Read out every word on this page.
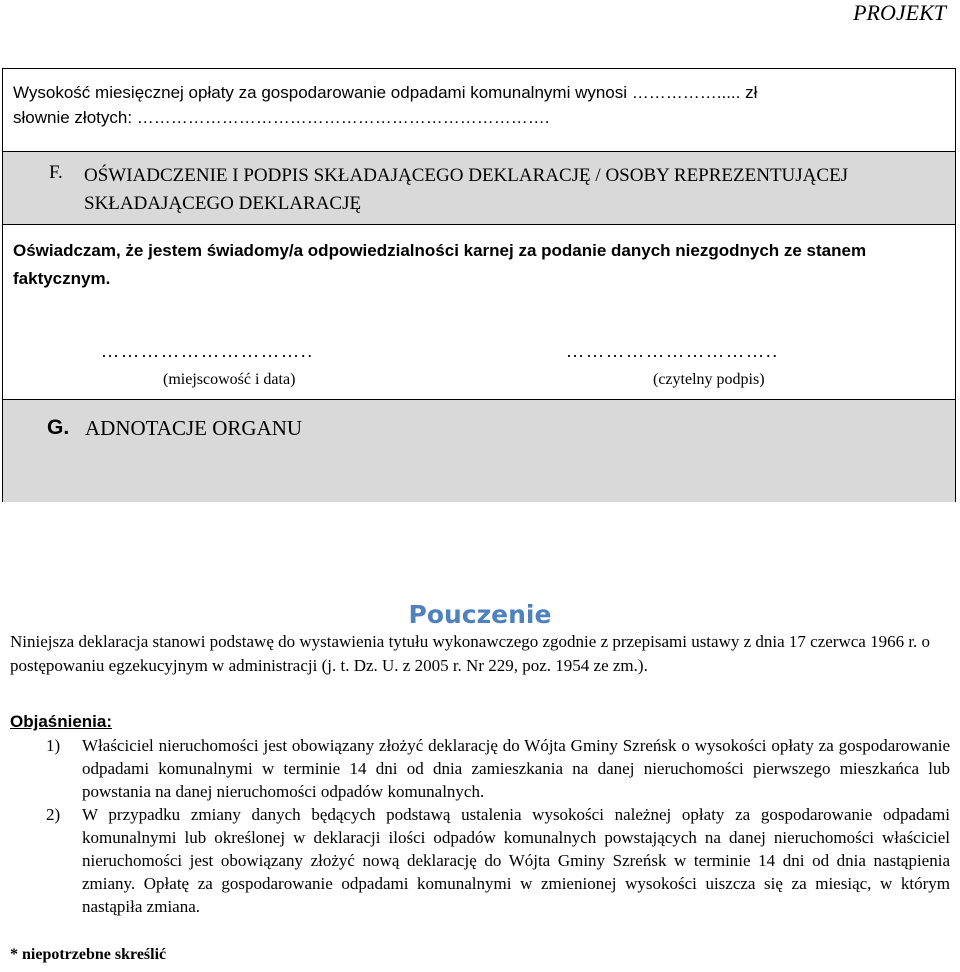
PROJEKT
Wysokość miesięcznej opłaty za gospodarowanie odpadami komunalnymi wynosi ……………..... zł
słownie złotych: ……………………………………………………………….
F. OŚWIADCZENIE I PODPIS SKŁADAJĄCEGO DEKLARACJĘ / OSOBY REPREZENTUJĄCEJ SKŁADAJĄCEGO DEKLARACJĘ
Oświadczam, że jestem świadomy/a odpowiedzialności karnej za podanie danych niezgodnych ze stanem faktycznym.
…………………………..	…………………………..
(miejscowość i data)	(czytelny podpis)
G. ADNOTACJE ORGANU
Pouczenie
Niniejsza deklaracja stanowi podstawę do wystawienia tytułu wykonawczego zgodnie z przepisami ustawy z dnia 17 czerwca 1966 r. o postępowaniu egzekucyjnym w administracji (j. t. Dz. U. z 2005 r. Nr 229, poz. 1954 ze zm.).
Objaśnienia:
1) Właściciel nieruchomości jest obowiązany złożyć deklarację do Wójta Gminy Szreńsk o wysokości opłaty za gospodarowanie odpadami komunalnymi w terminie 14 dni od dnia zamieszkania na danej nieruchomości pierwszego mieszkańca lub powstania na danej nieruchomości odpadów komunalnych.
2) W przypadku zmiany danych będących podstawą ustalenia wysokości należnej opłaty za gospodarowanie odpadami komunalnymi lub określonej w deklaracji ilości odpadów komunalnych powstających na danej nieruchomości właściciel nieruchomości jest obowiązany złożyć nową deklarację do Wójta Gminy Szreńsk w terminie 14 dni od dnia nastąpienia zmiany. Opłatę za gospodarowanie odpadami komunalnymi w zmienionej wysokości uiszcza się za miesiąc, w którym nastąpiła zmiana.
* niepotrzebne skreślić
